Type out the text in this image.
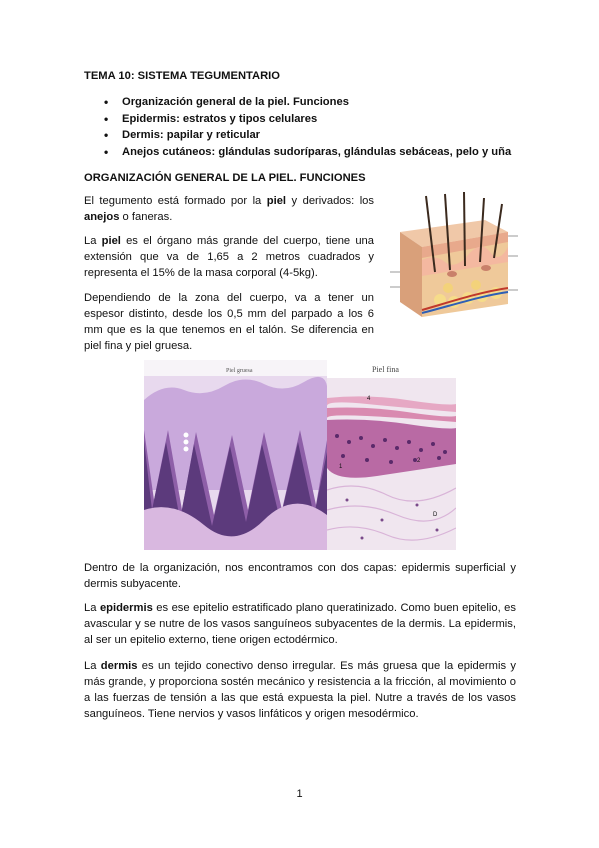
TEMA 10: SISTEMA TEGUMENTARIO
• Organización general de la piel. Funciones
• Epidermis: estratos y tipos celulares
• Dermis: papilar y reticular
• Anejos cutáneos: glándulas sudoríparas, glándulas sebáceas, pelo y uña
ORGANIZACIÓN GENERAL DE LA PIEL. FUNCIONES

El tegumento está formado por la piel y derivados: los anejos o faneras.

La piel es el órgano más grande del cuerpo, tiene una extensión que va de 1,65 a 2 metros cuadrados y representa el 15% de la masa corporal (4-5kg).

Dependiendo de la zona del cuerpo, va a tener un espesor distinto, desde los 0,5 mm del parpado a los 6 mm que es la que tenemos en el talón. Se diferencia en piel fina y piel gruesa.

Piel gruesa	Piel fina
4
2
1
D

Dentro de la organización, nos encontramos con dos capas: epidermis superficial y dermis subyacente.

La epidermis es ese epitelio estratificado plano queratinizado. Como buen epitelio, es avascular y se nutre de los vasos sanguíneos subyacentes de la dermis. La epidermis, al ser un epitelio externo, tiene origen ectodérmico.

La dermis es un tejido conectivo denso irregular. Es más gruesa que la epidermis y más grande, y proporciona sostén mecánico y resistencia a la fricción, al movimiento o a las fuerzas de tensión a las que está expuesta la piel. Nutre a través de los vasos sanguíneos. Tiene nervios y vasos linfáticos y origen mesodérmico.

1
